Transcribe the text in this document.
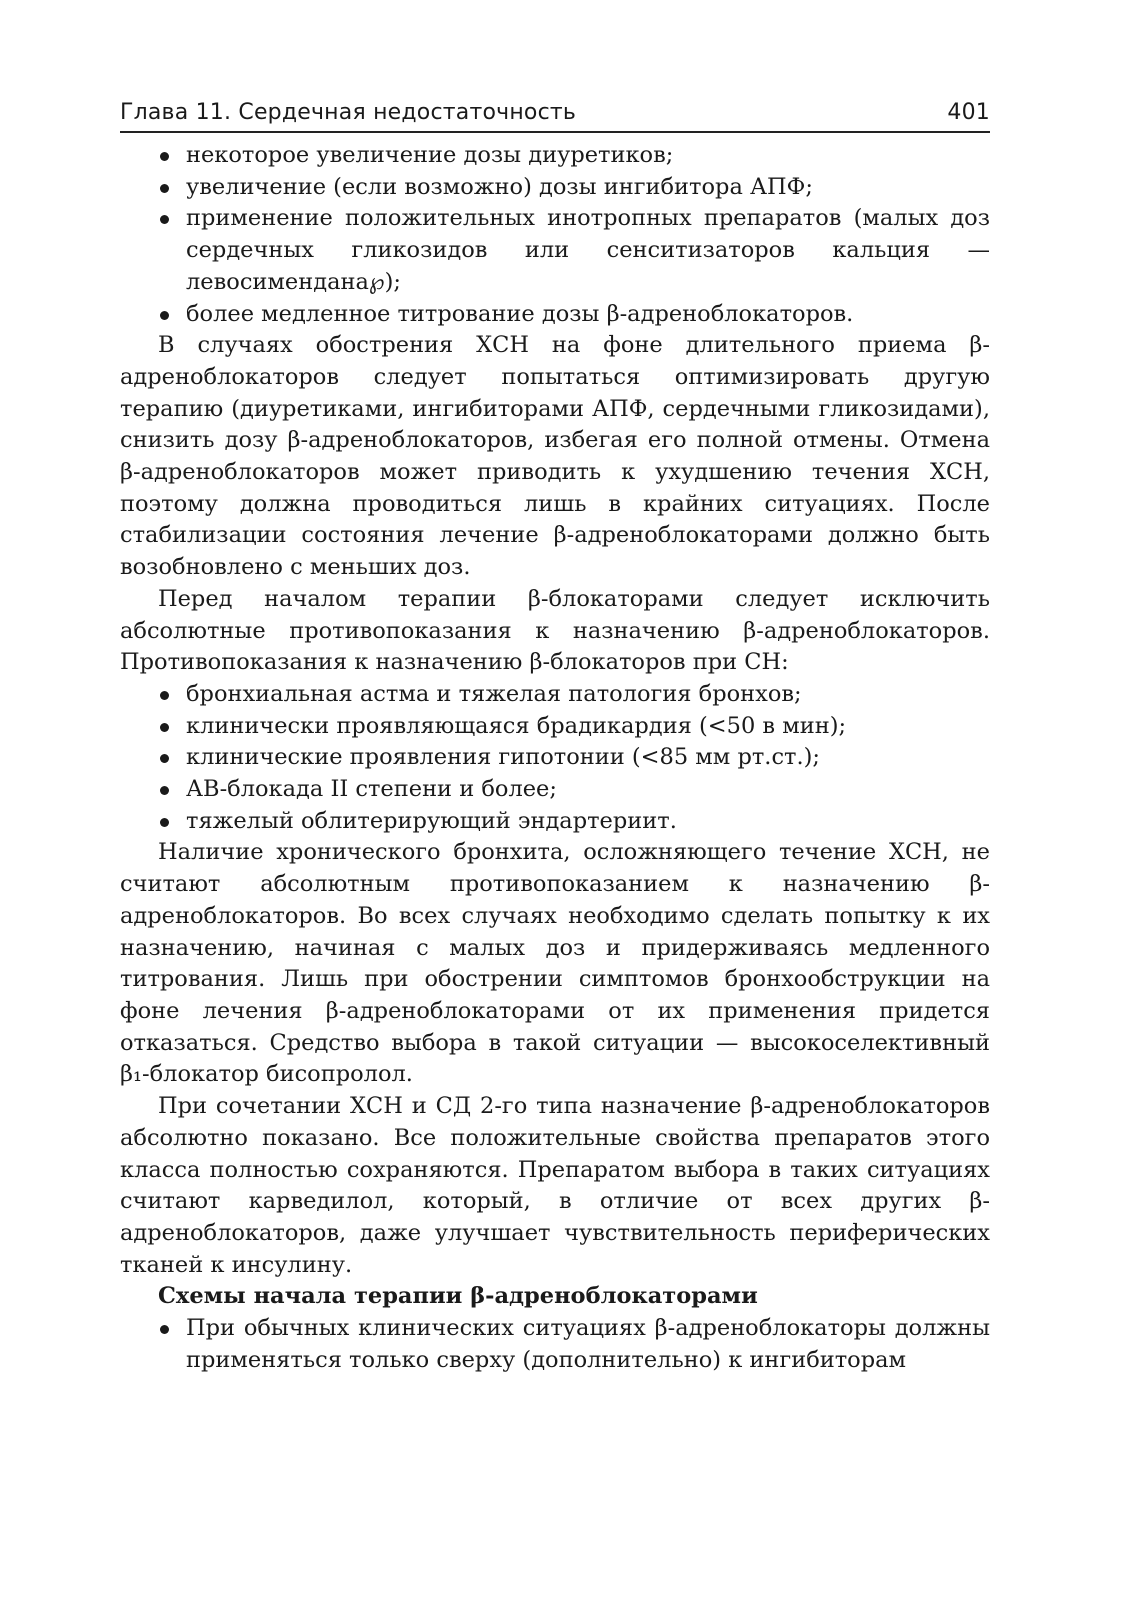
Глава 11. Сердечная недостаточность	401
некоторое увеличение дозы диуретиков;
увеличение (если возможно) дозы ингибитора АПФ;
применение положительных инотропных препаратов (малых доз сердечных гликозидов или сенситизаторов кальция — левосимендана℘);
более медленное титрование дозы β-адреноблокаторов.

В случаях обострения ХСН на фоне длительного приема β-адреноблокаторов следует попытаться оптимизировать другую терапию (диуретиками, ингибиторами АПФ, сердечными гликозидами), снизить дозу β-адреноблокаторов, избегая его полной отмены. Отмена β-адреноблокаторов может приводить к ухудшению течения ХСН, поэтому должна проводиться лишь в крайних ситуациях. После стабилизации состояния лечение β-адреноблокаторами должно быть возобновлено с меньших доз.

Перед началом терапии β-блокаторами следует исключить абсолютные противопоказания к назначению β-адреноблокаторов. Противопоказания к назначению β-блокаторов при СН:

бронхиальная астма и тяжелая патология бронхов;
клинически проявляющаяся брадикардия (<50 в мин);
клинические проявления гипотонии (<85 мм рт.ст.);
АВ-блокада II степени и более;
тяжелый облитерирующий эндартериит.

Наличие хронического бронхита, осложняющего течение ХСН, не считают абсолютным противопоказанием к назначению β-адреноблокаторов. Во всех случаях необходимо сделать попытку к их назначению, начиная с малых доз и придерживаясь медленного титрования. Лишь при обострении симптомов бронхообструкции на фоне лечения β-адреноблокаторами от их применения придется отказаться. Средство выбора в такой ситуации — высокоселективный β₁-блокатор бисопролол.

При сочетании ХСН и СД 2-го типа назначение β-адреноблокаторов абсолютно показано. Все положительные свойства препаратов этого класса полностью сохраняются. Препаратом выбора в таких ситуациях считают карведилол, который, в отличие от всех других β-адреноблокаторов, даже улучшает чувствительность периферических тканей к инсулину.

Схемы начала терапии β-адреноблокаторами

При обычных клинических ситуациях β-адреноблокаторы должны применяться только сверху (дополнительно) к ингибиторам
